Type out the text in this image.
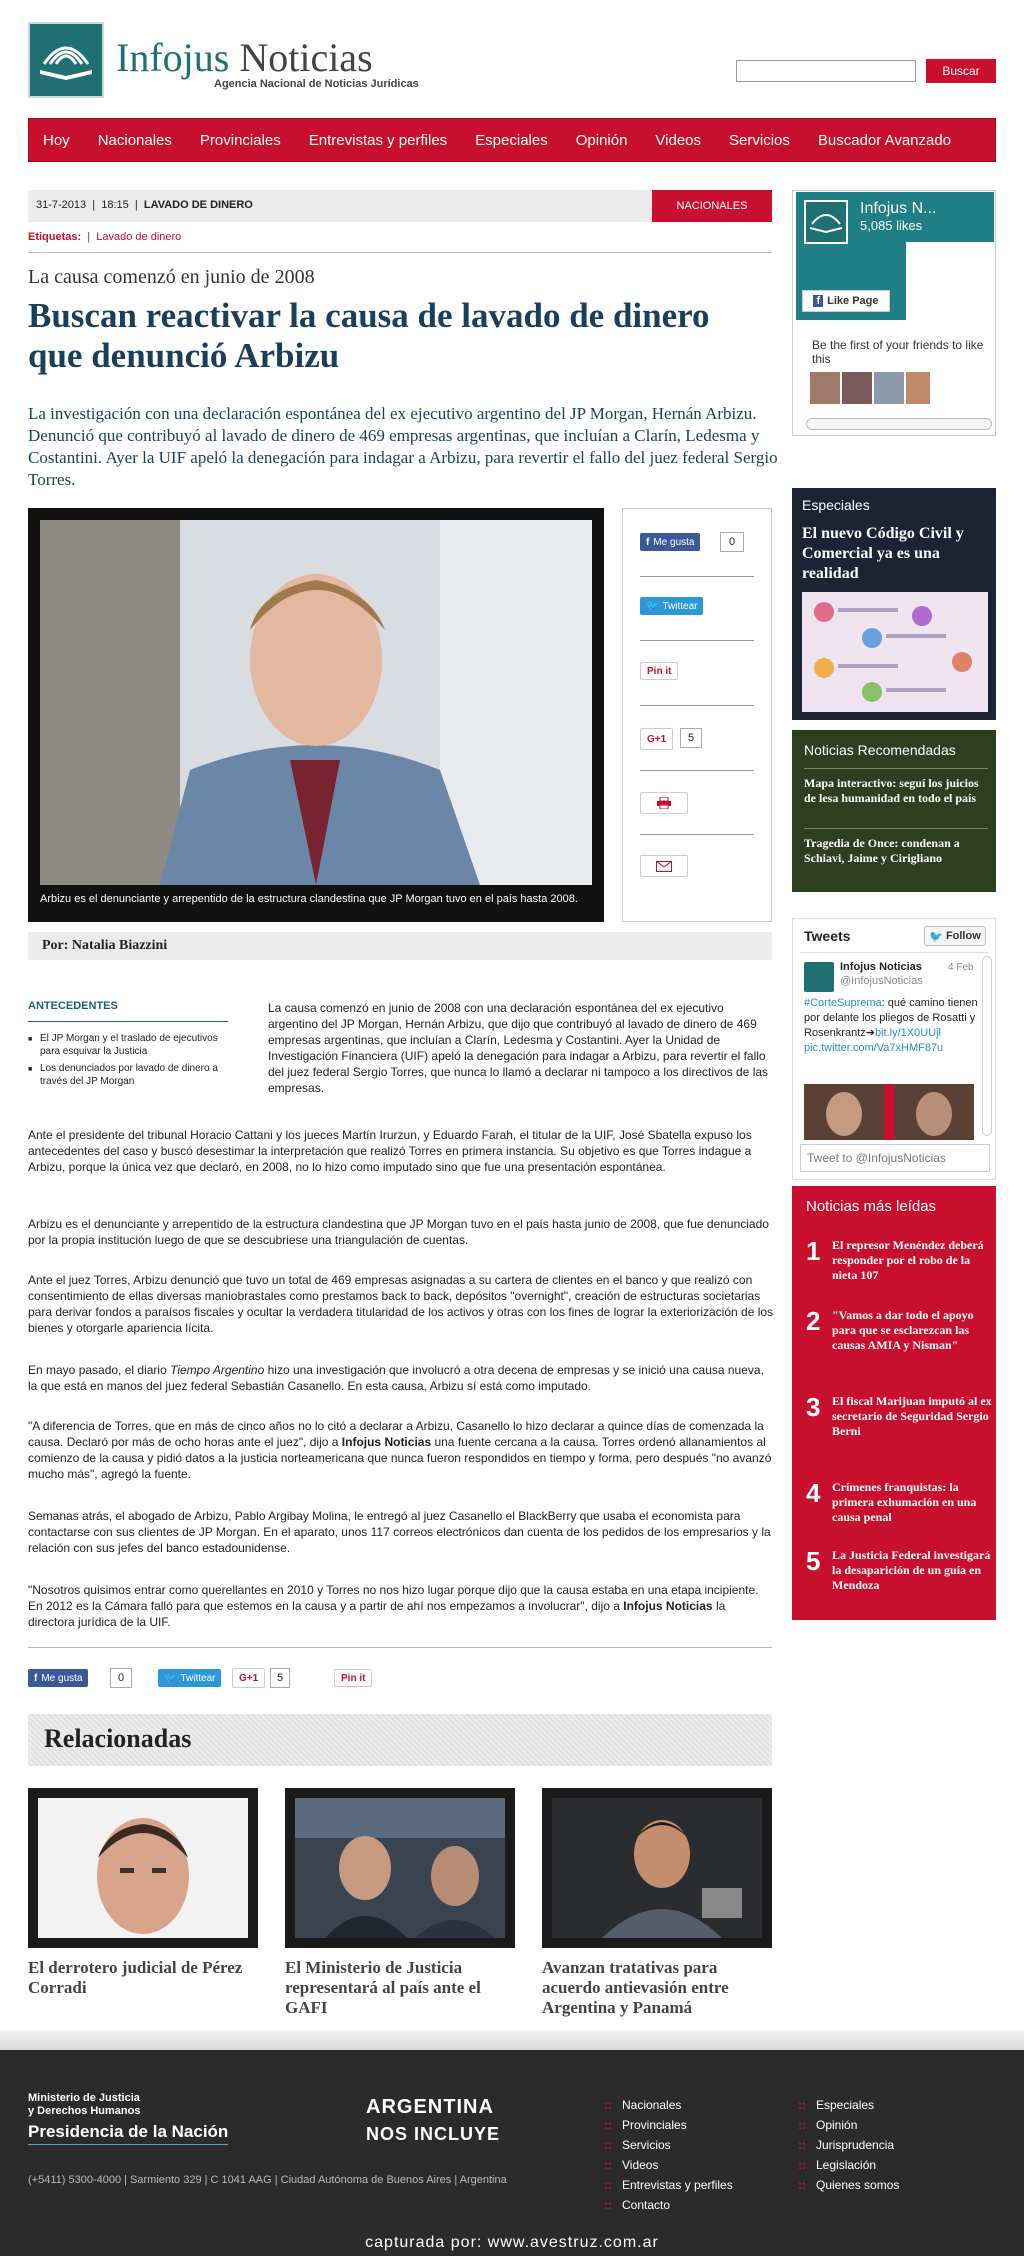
Infojus Noticias
Agencia Nacional de Noticias Jurídicas
Buscar
Hoy Nacionales Provinciales Entrevistas y perfiles Especiales Opinión Videos Servicios Buscador Avanzado
31-7-2013  |  18:15  |  LAVADO DE DINERO	NACIONALES
Etiquetas:  |  Lavado de dinero
La causa comenzó en junio de 2008
Buscan reactivar la causa de lavado de dinero que denunció Arbizu
La investigación con una declaración espontánea del ex ejecutivo argentino del JP Morgan, Hernán Arbizu. Denunció que contribuyó al lavado de dinero de 469 empresas argentinas, que incluían a Clarín, Ledesma y Costantini. Ayer la UIF apeló la denegación para indagar a Arbizu, para revertir el fallo del juez federal Sergio Torres.
Arbizu es el denunciante y arrepentido de la estructura clandestina que JP Morgan tuvo en el país hasta 2008.
f Me gusta	0
🐦 Twittear
Pin it
G+1	5
Por: Natalia Biazzini
ANTECEDENTES
■ El JP Morgan y el traslado de ejecutivos para esquivar la Justicia
■ Los denunciados por lavado de dinero a través del JP Morgan
La causa comenzó en junio de 2008 con una declaración espontánea del ex ejecutivo argentino del JP Morgan, Hernán Arbizu, que dijo que contribuyó al lavado de dinero de 469 empresas argentinas, que incluían a Clarín, Ledesma y Costantini. Ayer la Unidad de Investigación Financiera (UIF) apeló la denegación para indagar a Arbizu, para revertir el fallo del juez federal Sergio Torres, que nunca lo llamó a declarar ni tampoco a los directivos de las empresas.
Ante el presidente del tribunal Horacio Cattani y los jueces Martín Irurzun, y Eduardo Farah, el titular de la UIF, José Sbatella expuso los antecedentes del caso y buscó desestimar la interpretación que realizó Torres en primera instancia. Su objetivo es que Torres indague a Arbizu, porque la única vez que declaró, en 2008, no lo hizo como imputado sino que fue una presentación espontánea.
Arbizu es el denunciante y arrepentido de la estructura clandestina que JP Morgan tuvo en el país hasta junio de 2008, que fue denunciado por la propia institución luego de que se descubriese una triangulación de cuentas.
Ante el juez Torres, Arbizu denunció que tuvo un total de 469 empresas asignadas a su cartera de clientes en el banco y que realizó con consentimiento de ellas diversas maniobrastales como prestamos back to back, depósitos "overnight", creación de estructuras societarias para derivar fondos a paraísos fiscales y ocultar la verdadera titularidad de los activos y otras con los fines de lograr la exteriorización de los bienes y otorgarle apariencia lícita.
En mayo pasado, el diario Tiempo Argentino hizo una investigación que involucró a otra decena de empresas y se inició una causa nueva, la que está en manos del juez federal Sebastián Casanello. En esta causa, Arbizu sí está como imputado.
"A diferencia de Torres, que en más de cinco años no lo citó a declarar a Arbizu, Casanello lo hizo declarar a quince días de comenzada la causa. Declaró por más de ocho horas ante el juez", dijo a Infojus Noticias una fuente cercana a la causa. Torres ordenó allanamientos al comienzo de la causa y pidió datos a la justicia norteamericana que nunca fueron respondidos en tiempo y forma, pero después "no avanzó mucho más", agregó la fuente.
Semanas atrás, el abogado de Arbizu, Pablo Argibay Molina, le entregó al juez Casanello el BlackBerry que usaba el economista para contactarse con sus clientes de JP Morgan. En el aparato, unos 117 correos electrónicos dan cuenta de los pedidos de los empresarios y la relación con sus jefes del banco estadounidense.
"Nosotros quisimos entrar como querellantes en 2010 y Torres no nos hizo lugar porque dijo que la causa estaba en una etapa incipiente. En 2012 es la Cámara falló para que estemos en la causa y a partir de ahí nos empezamos a involucrar", dijo a Infojus Noticias la directora jurídica de la UIF.
f Me gusta	0	🐦 Twittear	G+1	5	Pin it
Relacionadas
El derrotero judicial de Pérez Corradi
El Ministerio de Justicia representará al país ante el GAFI
Avanzan tratativas para acuerdo antievasión entre Argentina y Panamá
Infojus N...
5,085 likes
f Like Page
Be the first of your friends to like this
Especiales
El nuevo Código Civil y Comercial ya es una realidad
Noticias Recomendadas
Mapa interactivo: seguí los juicios de lesa humanidad en todo el país
Tragedia de Once: condenan a Schiavi, Jaime y Cirigliano
Tweets	🐦 Follow
Infojus Noticias
@InfojusNoticias
4 Feb
#CorteSuprema: qué camino tienen por delante los pliegos de Rosatti y Rosenkrantz➔bit.ly/1X0UUjl pic.twitter.com/Va7xHMF87u
Tweet to @InfojusNoticias
Noticias más leídas
1 El represor Menéndez deberá responder por el robo de la nieta 107
2 "Vamos a dar todo el apoyo para que se esclarezcan las causas AMIA y Nisman"
3 El fiscal Marijuan imputó al ex secretario de Seguridad Sergio Berni
4 Crímenes franquistas: la primera exhumación en una causa penal
5 La Justicia Federal investigará la desaparición de un guía en Mendoza
Ministerio de Justicia y Derechos Humanos
Presidencia de la Nación
ARGENTINA
NOS INCLUYE
(+5411) 5300-4000 | Sarmiento 329 | C 1041 AAG | Ciudad Autónoma de Buenos Aires | Argentina
:: Nacionales
:: Provinciales
:: Servicios
:: Videos
:: Entrevistas y perfiles
:: Contacto
:: Especiales
:: Opinión
:: Jurisprudencia
:: Legislación
:: Quienes somos
capturada por: www.avestruz.com.ar
